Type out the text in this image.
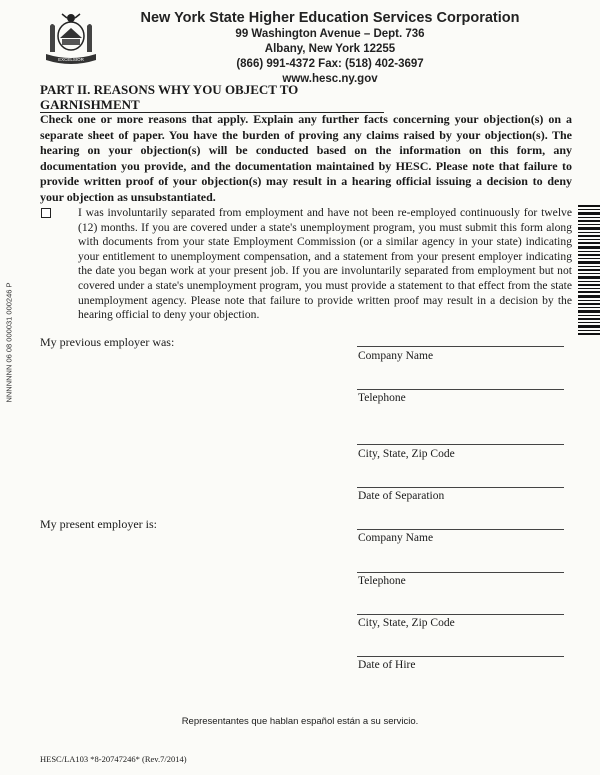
EXCELSIOR
New York State Higher Education Services Corporation
99 Washington Avenue – Dept. 736
Albany, New York 12255
(866) 991-4372 Fax: (518) 402-3697
www.hesc.ny.gov
PART II. REASONS WHY YOU OBJECT TO GARNISHMENT
Check one or more reasons that apply. Explain any further facts concerning your objection(s) on a separate sheet of paper. You have the burden of proving any claims raised by your objection(s). The hearing on your objection(s) will be conducted based on the information on this form, any documentation you provide, and the documentation maintained by HESC. Please note that failure to provide written proof of your objection(s) may result in a hearing official issuing a decision to deny your objection as unsubstantiated.
I was involuntarily separated from employment and have not been re-employed continuously for twelve (12) months. If you are covered under a state's unemployment program, you must submit this form along with documents from your state Employment Commission (or a similar agency in your state) indicating your entitlement to unemployment compensation, and a statement from your present employer indicating the date you began work at your present job. If you are involuntarily separated from employment but not covered under a state's unemployment program, you must provide a statement to that effect from the state unemployment agency. Please note that failure to provide written proof may result in a decision by the hearing official to deny your objection.
NNNNNNN 06 08 000031 000246 P My previous employer was:
Company Name
Telephone
City, State, Zip Code
Date of Separation
My present employer is:
Company Name
Telephone
City, State, Zip Code
Date of Hire
Representantes que hablan español están a su servicio.
HESC/LA103 *8-20747246* (Rev.7/2014)
